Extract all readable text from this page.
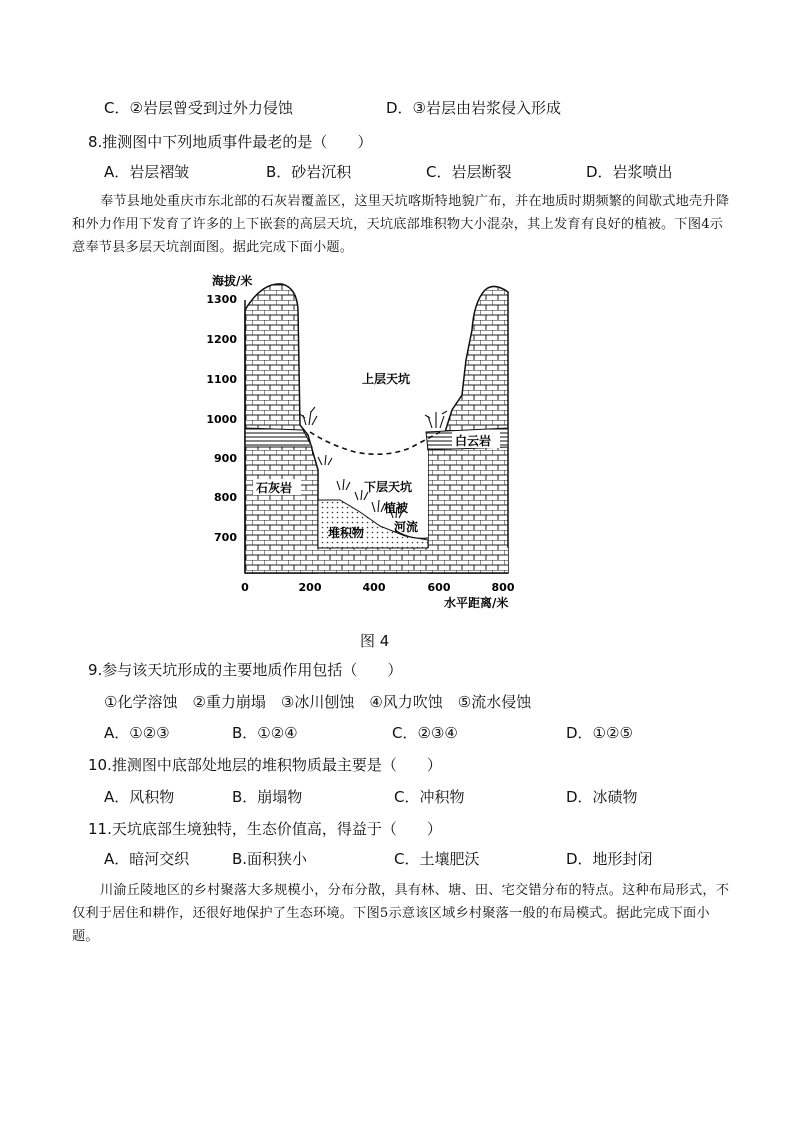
C．②岩层曾受到过外力侵蚀	D．③岩层由岩浆侵入形成
8.推测图中下列地质事件最老的是（　　）
A．岩层褶皱	B．砂岩沉积	C．岩层断裂	D．岩浆喷出
奉节县地处重庆市东北部的石灰岩覆盖区，这里天坑喀斯特地貌广布，并在地质时期频繁的间歇式地壳升降和外力作用下发育了许多的上下嵌套的高层天坑，天坑底部堆积物大小混杂，其上发育有良好的植被。下图4示意奉节县多层天坑剖面图。据此完成下面小题。
海拔/米
1300
1200
1100
1000
900
800
700
0	200	400	600	800
水平距离/米
上层天坑
白云岩
石灰岩	下层天坑
植被
河流
堆积物
图 4
9.参与该天坑形成的主要地质作用包括（　　）
①化学溶蚀　②重力崩塌　③冰川刨蚀　④风力吹蚀　⑤流水侵蚀
A．①②③	B．①②④	C．②③④	D．①②⑤
10.推测图中底部处地层的堆积物质最主要是（　　）
A．风积物	B．崩塌物	C．冲积物	D．冰碛物
11.天坑底部生境独特，生态价值高，得益于（　　）
A．暗河交织	B.面积狭小	C．土壤肥沃	D．地形封闭
川渝丘陵地区的乡村聚落大多规模小，分布分散，具有林、塘、田、宅交错分布的特点。这种布局形式，不仅利于居住和耕作，还很好地保护了生态环境。下图5示意该区域乡村聚落一般的布局模式。据此完成下面小题。
